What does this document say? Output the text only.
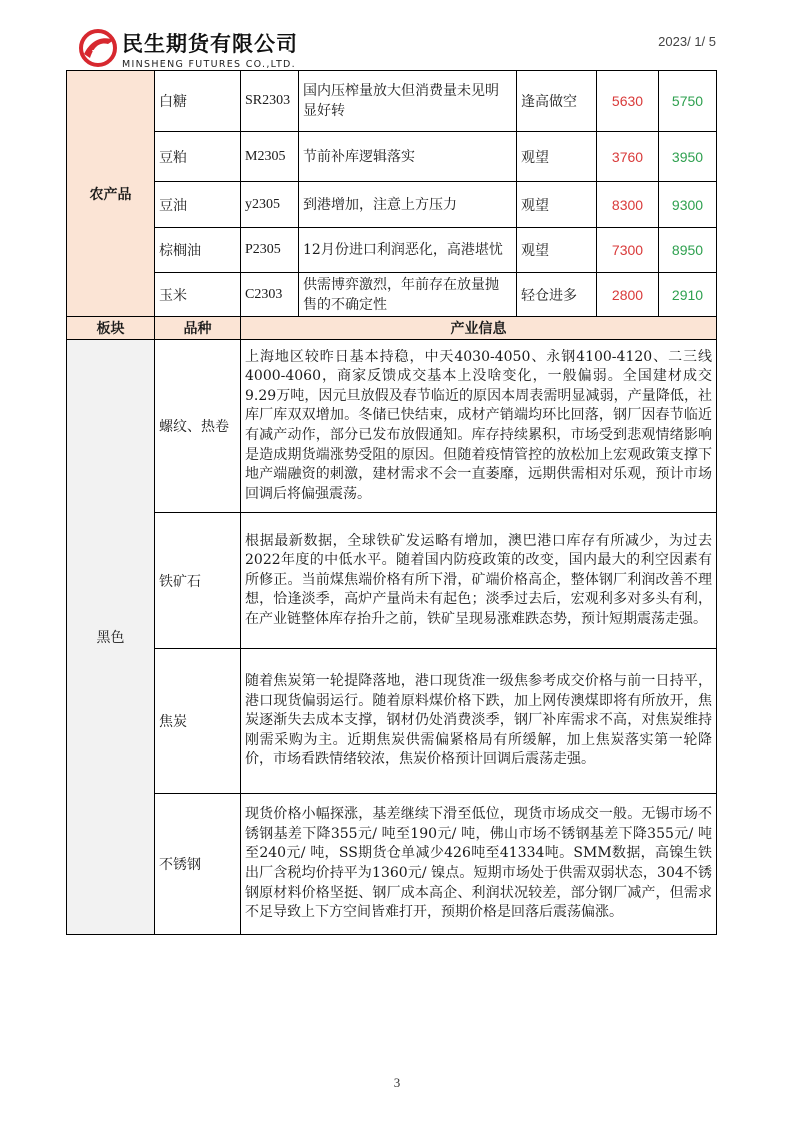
民生期货有限公司
MINSHENG FUTURES CO.,LTD.
2023/ 1/ 5
农产品	白糖	SR2303	国内压榨量放大但消费量未见明显好转	逢高做空	5630	5750
	豆粕	M2305	节前补库逻辑落实	观望	3760	3950
	豆油	y2305	到港增加，注意上方压力	观望	8300	9300
	棕榈油	P2305	12月份进口利润恶化，高港堪忧	观望	7300	8950
	玉米	C2303	供需博弈激烈，年前存在放量抛售的不确定性	轻仓进多	2800	2910
板块	品种	产业信息				
黑色	螺纹、热卷	上海地区较昨日基本持稳，中天4030-4050、永钢4100-4120、二三线4000-4060，商家反馈成交基本上没啥变化，一般偏弱。全国建材成交9.29万吨，因元旦放假及春节临近的原因本周表需明显减弱，产量降低，社库厂库双双增加。冬储已快结束，成材产销端均环比回落，钢厂因春节临近有减产动作，部分已发布放假通知。库存持续累积，市场受到悲观情绪影响是造成期货端涨势受阻的原因。但随着疫情管控的放松加上宏观政策支撑下地产端融资的刺激，建材需求不会一直萎靡，远期供需相对乐观，预计市场回调后将偏强震荡。				
	铁矿石	根据最新数据，全球铁矿发运略有增加，澳巴港口库存有所减少，为过去2022年度的中低水平。随着国内防疫政策的改变，国内最大的利空因素有所修正。当前煤焦端价格有所下滑，矿端价格高企，整体钢厂利润改善不理想，恰逢淡季，高炉产量尚未有起色；淡季过去后，宏观利多对多头有利，在产业链整体库存抬升之前，铁矿呈现易涨难跌态势，预计短期震荡走强。				
	焦炭	随着焦炭第一轮提降落地，港口现货准一级焦参考成交价格与前一日持平，港口现货偏弱运行。随着原料煤价格下跌，加上网传澳煤即将有所放开，焦炭逐渐失去成本支撑，钢材仍处消费淡季，钢厂补库需求不高，对焦炭维持刚需采购为主。近期焦炭供需偏紧格局有所缓解，加上焦炭落实第一轮降价，市场看跌情绪较浓，焦炭价格预计回调后震荡走强。				
	不锈钢	现货价格小幅探涨，基差继续下滑至低位，现货市场成交一般。无锡市场不锈钢基差下降355元/ 吨至190元/ 吨，佛山市场不锈钢基差下降355元/ 吨至240元/ 吨，SS期货仓单减少426吨至41334吨。SMM数据，高镍生铁出厂含税均价持平为1360元/ 镍点。短期市场处于供需双弱状态，304不锈钢原材料价格坚挺、钢厂成本高企、利润状况较差，部分钢厂减产，但需求不足导致上下方空间皆难打开，预期价格是回落后震荡偏涨。				
3
